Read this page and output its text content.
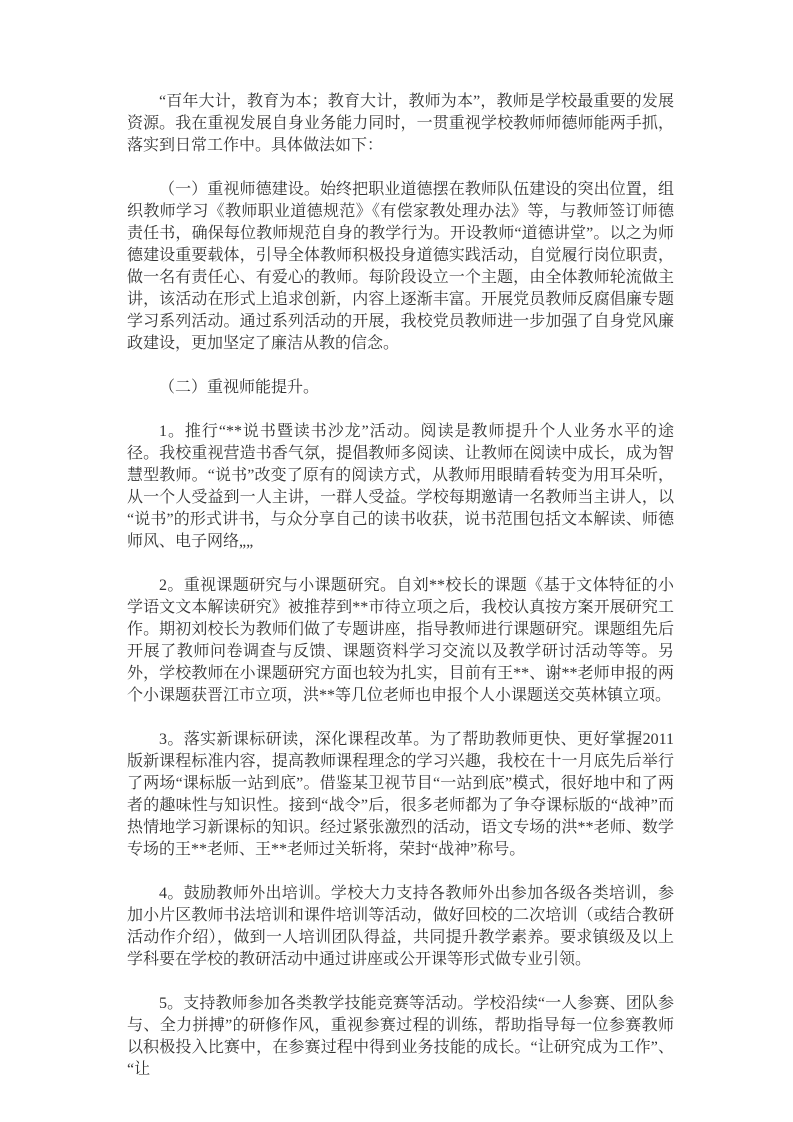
“百年大计，教育为本；教育大计，教师为本”，教师是学校最重要的发展资源。我在重视发展自身业务能力同时，一贯重视学校教师师德师能两手抓，落实到日常工作中。具体做法如下：

（一）重视师德建设。始终把职业道德摆在教师队伍建设的突出位置，组织教师学习《教师职业道德规范》《有偿家教处理办法》等，与教师签订师德责任书，确保每位教师规范自身的教学行为。开设教师“道德讲堂”。以之为师德建设重要载体，引导全体教师积极投身道德实践活动，自觉履行岗位职责，做一名有责任心、有爱心的教师。每阶段设立一个主题，由全体教师轮流做主讲，该活动在形式上追求创新，内容上逐渐丰富。开展党员教师反腐倡廉专题学习系列活动。通过系列活动的开展，我校党员教师进一步加强了自身党风廉政建设，更加坚定了廉洁从教的信念。

（二）重视师能提升。

1。推行“**说书暨读书沙龙”活动。阅读是教师提升个人业务水平的途径。我校重视营造书香气氛，提倡教师多阅读、让教师在阅读中成长，成为智慧型教师。“说书”改变了原有的阅读方式，从教师用眼睛看转变为用耳朵听，从一个人受益到一人主讲，一群人受益。学校每期邀请一名教师当主讲人，以“说书”的形式讲书，与众分享自己的读书收获，说书范围包括文本解读、师德师风、电子网络„„

2。重视课题研究与小课题研究。自刘**校长的课题《基于文体特征的小学语文文本解读研究》被推荐到**市待立项之后，我校认真按方案开展研究工作。期初刘校长为教师们做了专题讲座，指导教师进行课题研究。课题组先后开展了教师问卷调查与反馈、课题资料学习交流以及教学研讨活动等等。另外，学校教师在小课题研究方面也较为扎实，目前有王**、谢**老师申报的两个小课题获晋江市立项，洪**等几位老师也申报个人小课题送交英林镇立项。

3。落实新课标研读，深化课程改革。为了帮助教师更快、更好掌握2011版新课程标准内容，提高教师课程理念的学习兴趣，我校在十一月底先后举行了两场“课标版一站到底”。借鉴某卫视节目“一站到底”模式，很好地中和了两者的趣味性与知识性。接到“战令”后，很多老师都为了争夺课标版的“战神”而热情地学习新课标的知识。经过紧张激烈的活动，语文专场的洪**老师、数学专场的王**老师、王**老师过关斩将，荣封“战神”称号。

4。鼓励教师外出培训。学校大力支持各教师外出参加各级各类培训，参加小片区教师书法培训和课件培训等活动，做好回校的二次培训（或结合教研活动作介绍），做到一人培训团队得益，共同提升教学素养。要求镇级及以上学科要在学校的教研活动中通过讲座或公开课等形式做专业引领。

5。支持教师参加各类教学技能竞赛等活动。学校沿续“一人参赛、团队参与、全力拼搏”的研修作风，重视参赛过程的训练，帮助指导每一位参赛教师以积极投入比赛中，在参赛过程中得到业务技能的成长。“让研究成为工作”、“让
